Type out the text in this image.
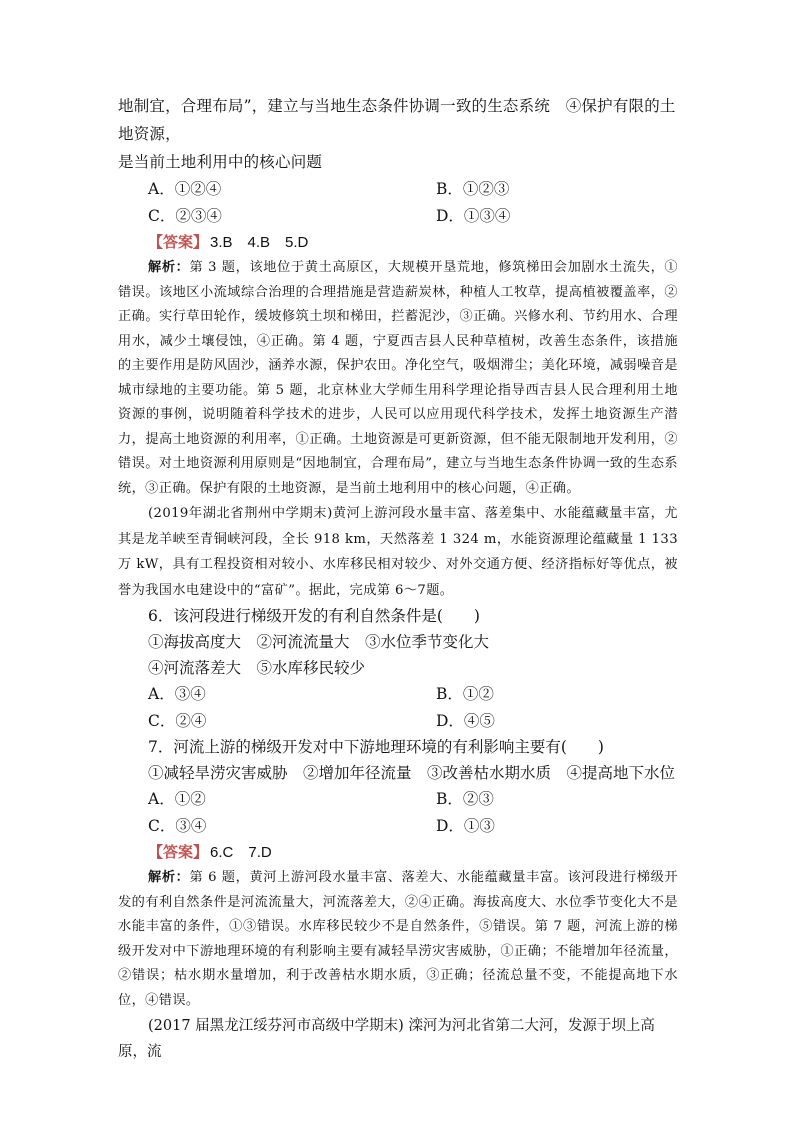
地制宜，合理布局”，建立与当地生态条件协调一致的生态系统　④保护有限的土地资源，

是当前土地利用中的核心问题

A．①②④	B．①②③
C．②③④	D．①③④
【答案】 3.B　4.B　5.D

解析：第 3 题，该地位于黄土高原区，大规模开垦荒地，修筑梯田会加剧水土流失，①错误。该地区小流域综合治理的合理措施是营造薪炭林，种植人工牧草，提高植被覆盖率，②正确。实行草田轮作，缓坡修筑土坝和梯田，拦蓄泥沙，③正确。兴修水利、节约用水、合理用水，减少土壤侵蚀，④正确。第 4 题，宁夏西吉县人民种草植树，改善生态条件，该措施的主要作用是防风固沙，涵养水源，保护农田。净化空气，吸烟滞尘；美化环境，减弱噪音是城市绿地的主要功能。第 5 题，北京林业大学师生用科学理论指导西吉县人民合理利用土地资源的事例，说明随着科学技术的进步，人民可以应用现代科学技术，发挥土地资源生产潜力，提高土地资源的利用率，①正确。土地资源是可更新资源，但不能无限制地开发利用，②错误。对土地资源利用原则是“因地制宜，合理布局”，建立与当地生态条件协调一致的生态系统，③正确。保护有限的土地资源，是当前土地利用中的核心问题，④正确。

(2019年湖北省荆州中学期末)黄河上游河段水量丰富、落差集中、水能蕴藏量丰富，尤其是龙羊峡至青铜峡河段，全长 918 km，天然落差 1 324 m，水能资源理论蕴藏量 1 133 万 kW，具有工程投资相对较小、水库移民相对较少、对外交通方便、经济指标好等优点，被誉为我国水电建设中的“富矿”。据此，完成第 6～7题。

6．该河段进行梯级开发的有利自然条件是(　　)
①海拔高度大　②河流流量大　③水位季节变化大
④河流落差大　⑤水库移民较少
A．③④	B．①②
C．②④	D．④⑤
7．河流上游的梯级开发对中下游地理环境的有利影响主要有(　　)
①减轻旱涝灾害威胁　②增加年径流量　③改善枯水期水质　④提高地下水位
A．①②	B．②③
C．③④	D．①③
【答案】 6.C　7.D

解析：第 6 题，黄河上游河段水量丰富、落差大、水能蕴藏量丰富。该河段进行梯级开发的有利自然条件是河流流量大，河流落差大，②④正确。海拔高度大、水位季节变化大不是水能丰富的条件，①③错误。水库移民较少不是自然条件，⑤错误。第 7 题，河流上游的梯级开发对中下游地理环境的有利影响主要有减轻旱涝灾害威胁，①正确；不能增加年径流量，②错误；枯水期水量增加，利于改善枯水期水质，③正确；径流总量不变，不能提高地下水位，④错误。

(2017 届黑龙江绥芬河市高级中学期末) 滦河为河北省第二大河，发源于坝上高原，流
